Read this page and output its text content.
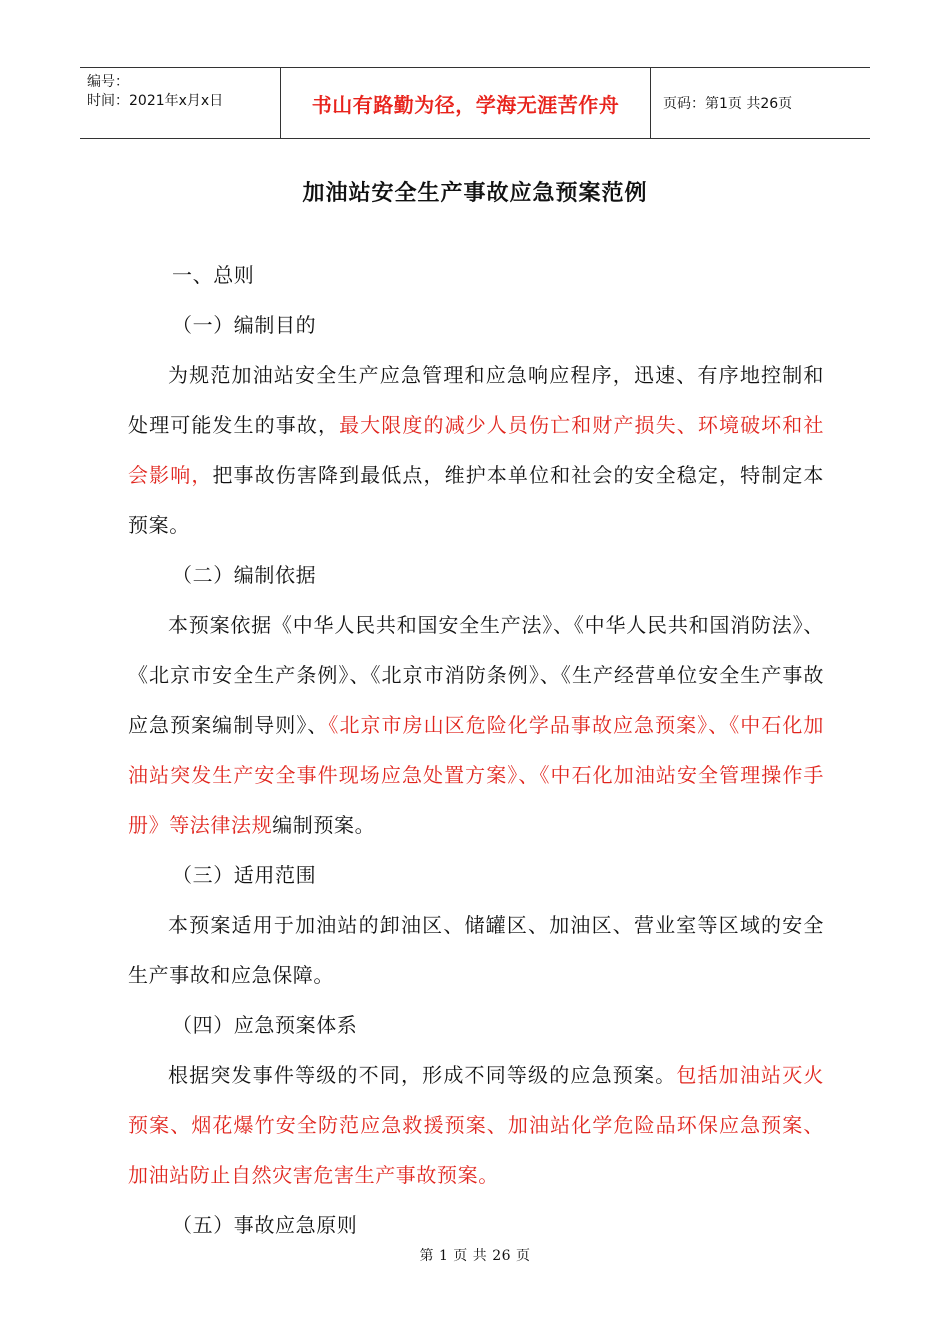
编号：
时间：2021年x月x日	书山有路勤为径，学海无涯苦作舟	页码：第1页 共26页
加油站安全生产事故应急预案范例

一、总则

（一）编制目的

为规范加油站安全生产应急管理和应急响应程序，迅速、有序地控制和处理可能发生的事故，最大限度的减少人员伤亡和财产损失、环境破坏和社会影响，把事故伤害降到最低点，维护本单位和社会的安全稳定，特制定本预案。

（二）编制依据

本预案依据《中华人民共和国安全生产法》、《中华人民共和国消防法》、《北京市安全生产条例》、《北京市消防条例》、《生产经营单位安全生产事故应急预案编制导则》、《北京市房山区危险化学品事故应急预案》、《中石化加油站突发生产安全事件现场应急处置方案》、《中石化加油站安全管理操作手册》等法律法规编制预案。

（三）适用范围

本预案适用于加油站的卸油区、储罐区、加油区、营业室等区域的安全生产事故和应急保障。

（四）应急预案体系

根据突发事件等级的不同，形成不同等级的应急预案。包括加油站灭火预案、烟花爆竹安全防范应急救援预案、加油站化学危险品环保应急预案、加油站防止自然灾害危害生产事故预案。

（五）事故应急原则

第 1 页 共 26 页
